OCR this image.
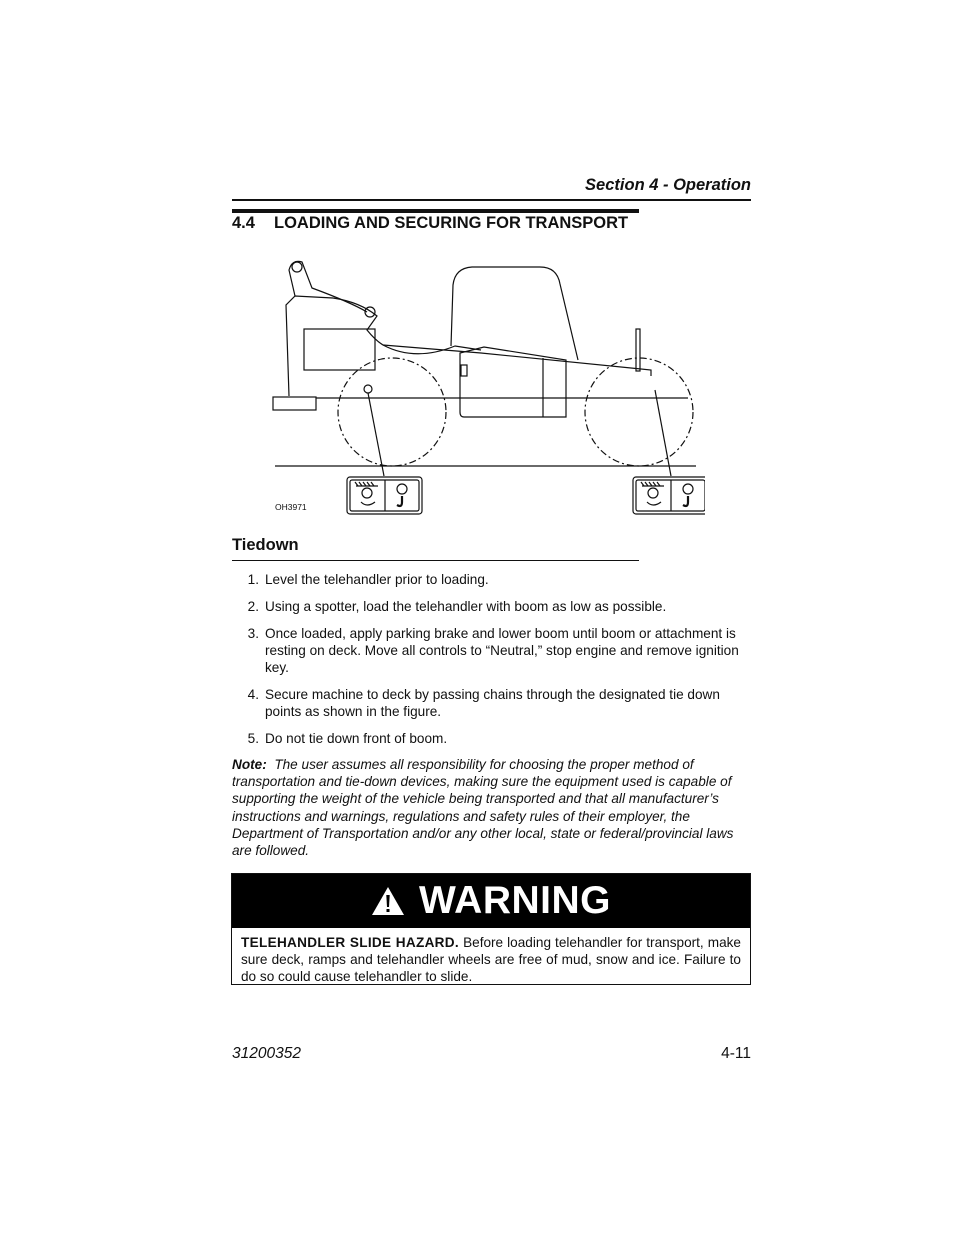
Section 4 - Operation
4.4 LOADING AND SECURING FOR TRANSPORT
OH3971
Tiedown
1. Level the telehandler prior to loading.
2. Using a spotter, load the telehandler with boom as low as possible.
3. Once loaded, apply parking brake and lower boom until boom or attachment is resting on deck. Move all controls to “Neutral,” stop engine and remove ignition key.
4. Secure machine to deck by passing chains through the designated tie down points as shown in the figure.
5. Do not tie down front of boom.
Note: The user assumes all responsibility for choosing the proper method of transportation and tie-down devices, making sure the equipment used is capable of supporting the weight of the vehicle being transported and that all manufacturer’s instructions and warnings, regulations and safety rules of their employer, the Department of Transportation and/or any other local, state or federal/provincial laws are followed.
WARNING
TELEHANDLER SLIDE HAZARD. Before loading telehandler for transport, make sure deck, ramps and telehandler wheels are free of mud, snow and ice. Failure to do so could cause telehandler to slide.
31200352	4-11
